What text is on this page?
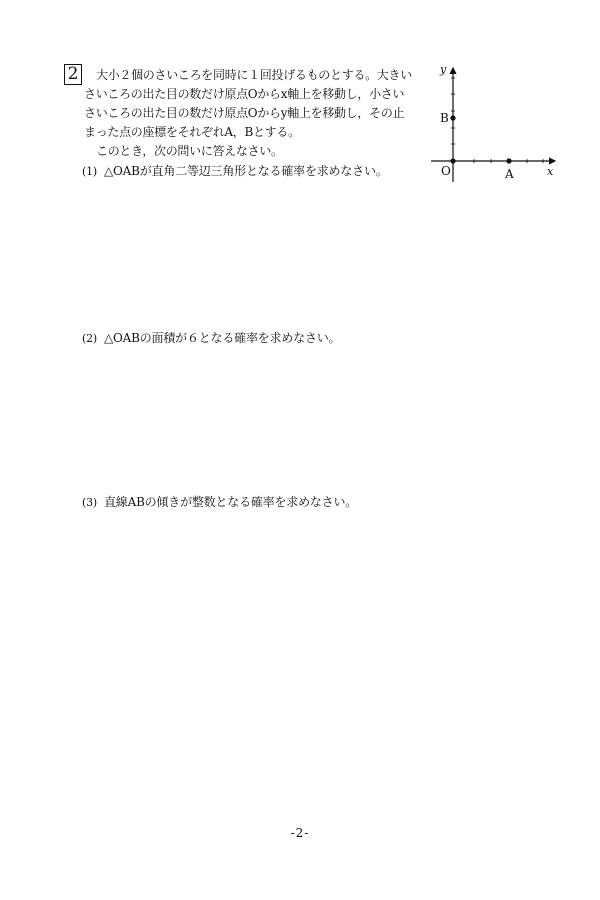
2	大小２個のさいころを同時に１回投げるものとする。大きい
さいころの出た目の数だけ原点Oからx軸上を移動し，小さい
さいころの出た目の数だけ原点Oからy軸上を移動し，その止
まった点の座標をそれぞれA，Bとする。
このとき，次の問いに答えなさい。
(1) △OABが直角二等辺三角形となる確率を求めなさい。
(2) △OABの面積が６となる確率を求めなさい。
(3) 直線ABの傾きが整数となる確率を求めなさい。
y
x
O	A
B
-2-
